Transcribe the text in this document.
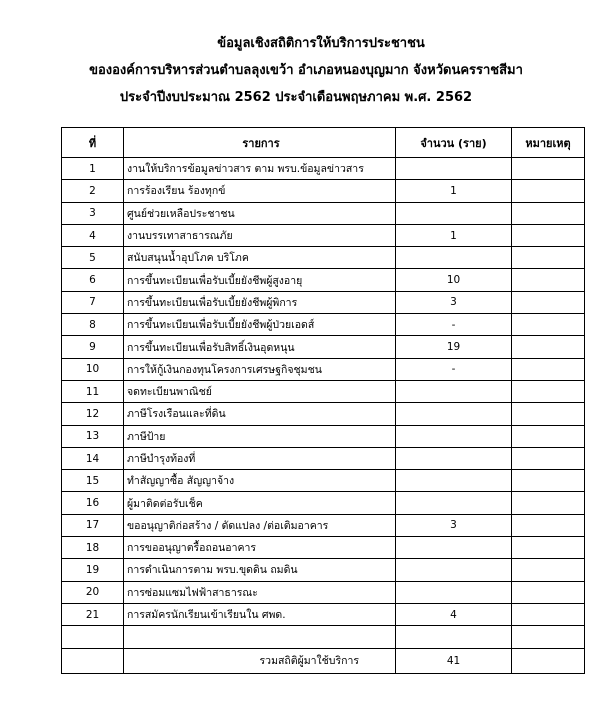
ข้อมูลเชิงสถิติการให้บริการประชาชน
ขององค์การบริหารส่วนตำบลลุงเขว้า อำเภอหนองบุญมาก จังหวัดนครราชสีมา
ประจำปีงบประมาณ 2562 ประจำเดือนพฤษภาคม พ.ศ. 2562
ที่	รายการ	จำนวน (ราย)	หมายเหตุ
1	งานให้บริการข้อมูลข่าวสาร ตาม พรบ.ข้อมูลข่าวสาร		
2	การร้องเรียน ร้องทุกข์	1	
3	ศูนย์ช่วยเหลือประชาชน		
4	งานบรรเทาสาธารณภัย	1	
5	สนับสนุนน้ำอุปโภค บริโภค		
6	การขึ้นทะเบียนเพื่อรับเบี้ยยังชีพผู้สูงอายุ	10	
7	การขึ้นทะเบียนเพื่อรับเบี้ยยังชีพผู้พิการ	3	
8	การขึ้นทะเบียนเพื่อรับเบี้ยยังชีพผู้ป่วยเอดส์	-	
9	การขึ้นทะเบียนเพื่อรับสิทธิ์เงินอุดหนุน	19	
10	การให้กู้เงินกองทุนโครงการเศรษฐกิจชุมชน	-	
11	จดทะเบียนพาณิชย์		
12	ภาษีโรงเรือนและที่ดิน		
13	ภาษีป้าย		
14	ภาษีบำรุงท้องที่		
15	ทำสัญญาซื้อ สัญญาจ้าง		
16	ผู้มาติดต่อรับเช็ค		
17	ขออนุญาติก่อสร้าง / ดัดแปลง /ต่อเติมอาคาร	3	
18	การขออนุญาตรื้อถอนอาคาร		
19	การดำเนินการตาม พรบ.ขุดดิน ถมดิน		
20	การซ่อมแซมไฟฟ้าสาธารณะ		
21	การสมัครนักเรียนเข้าเรียนใน ศพด.	4	

	รวมสถิติผู้มาใช้บริการ	41	
